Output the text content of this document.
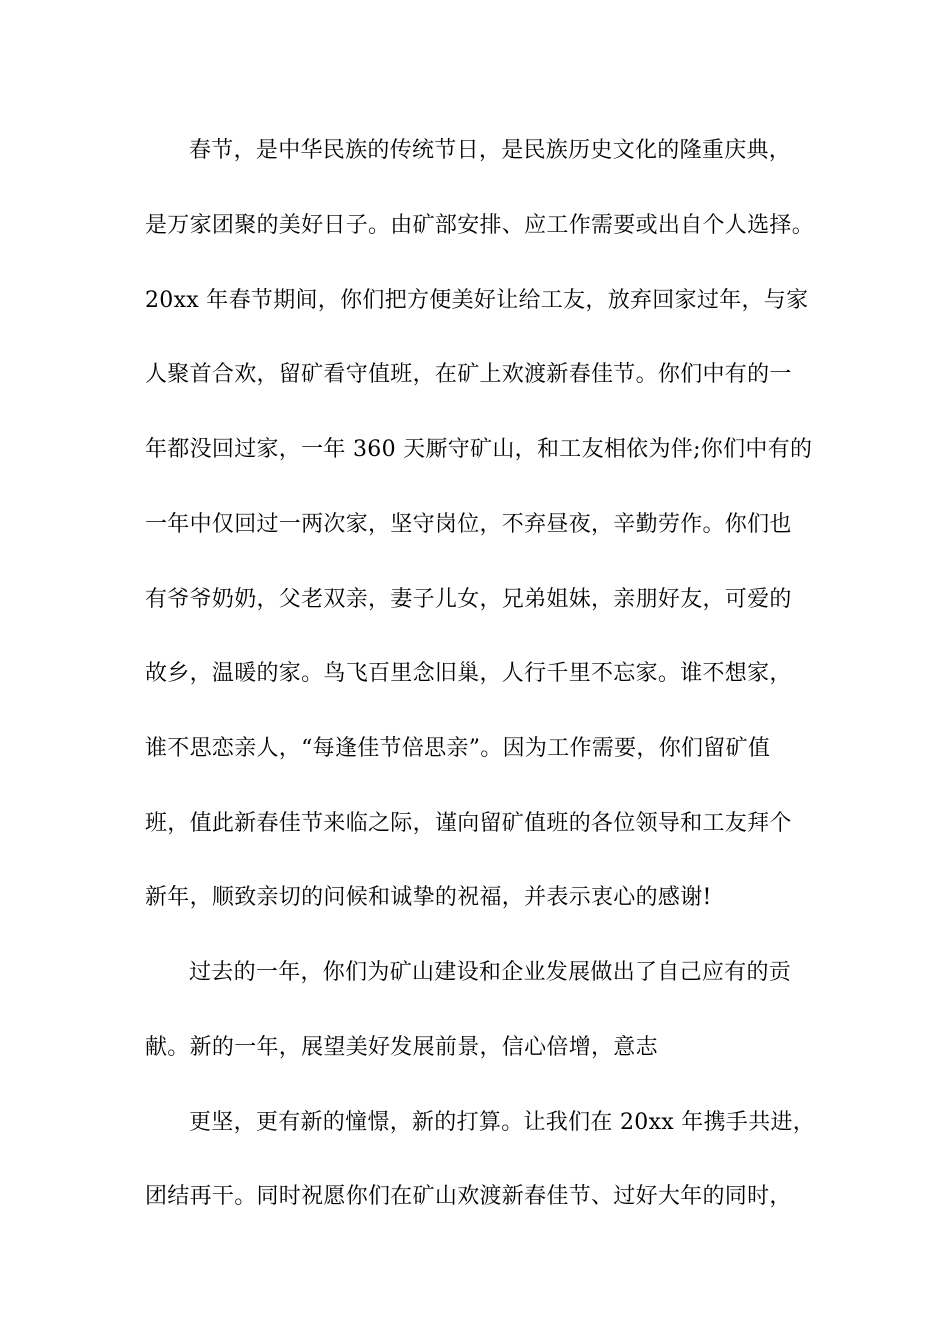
春节，是中华民族的传统节日，是民族历史文化的隆重庆典，
是万家团聚的美好日子。由矿部安排、应工作需要或出自个人选择。
20xx 年春节期间，你们把方便美好让给工友，放弃回家过年，与家
人聚首合欢，留矿看守值班，在矿上欢渡新春佳节。你们中有的一
年都没回过家，一年 360 天厮守矿山，和工友相依为伴;你们中有的
一年中仅回过一两次家，坚守岗位，不弃昼夜，辛勤劳作。你们也
有爷爷奶奶，父老双亲，妻子儿女，兄弟姐妹，亲朋好友，可爱的
故乡，温暖的家。鸟飞百里念旧巢，人行千里不忘家。谁不想家，
谁不思恋亲人，“每逢佳节倍思亲”。因为工作需要，你们留矿值
班，值此新春佳节来临之际，谨向留矿值班的各位领导和工友拜个
新年，顺致亲切的问候和诚挚的祝福，并表示衷心的感谢!
过去的一年，你们为矿山建设和企业发展做出了自己应有的贡
献。新的一年，展望美好发展前景，信心倍增，意志
更坚，更有新的憧憬，新的打算。让我们在 20xx 年携手共进，
团结再干。同时祝愿你们在矿山欢渡新春佳节、过好大年的同时，
